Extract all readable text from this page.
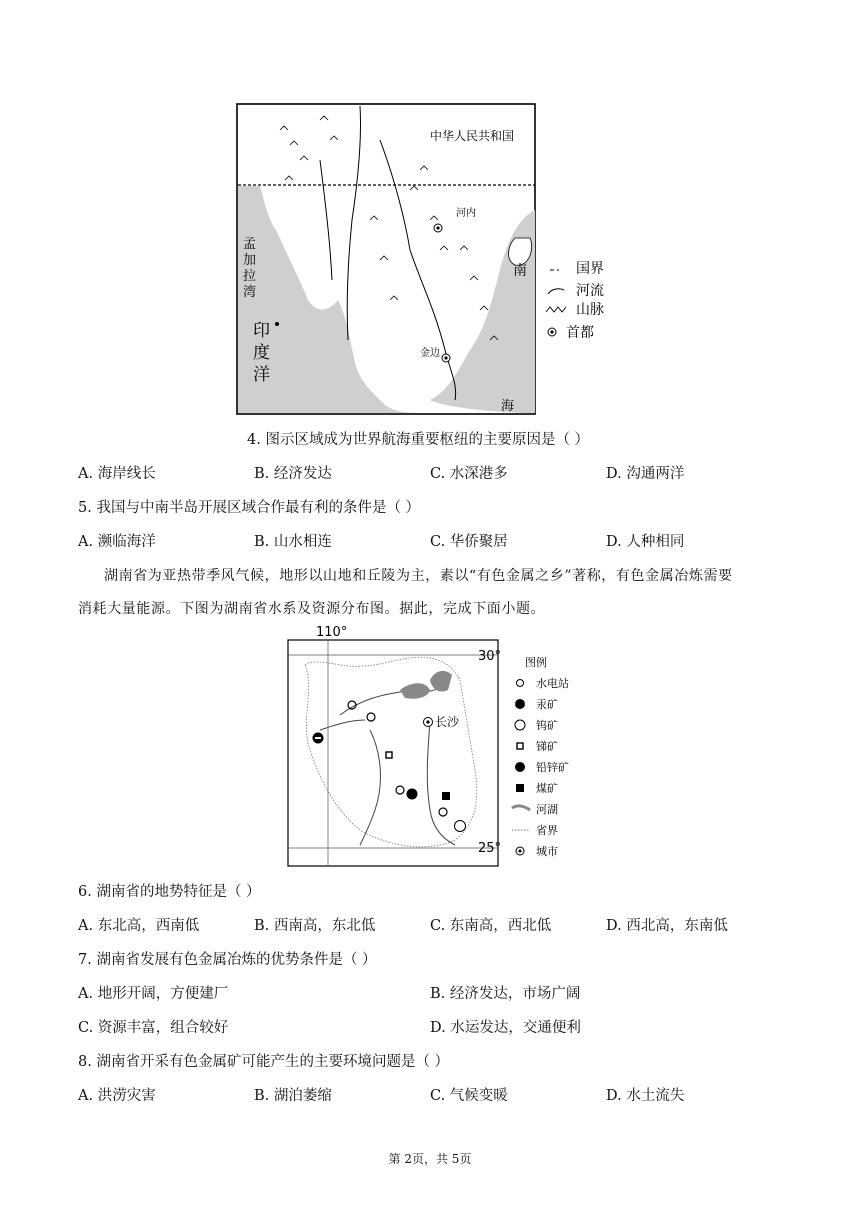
中华人民共和国
河内
金边
南
海
孟加拉湾
印度洋
国界
河流
山脉
首都
4. 图示区域成为世界航海重要枢纽的主要原因是（ ）
A. 海岸线长	B. 经济发达	C. 水深港多	D. 沟通两洋
5. 我国与中南半岛开展区域合作最有利的条件是（ ）
A. 濒临海洋	B. 山水相连	C. 华侨聚居	D. 人种相同
湖南省为亚热带季风气候，地形以山地和丘陵为主，素以“有色金属之乡”著称，有色金属冶炼需要
消耗大量能源。下图为湖南省水系及资源分布图。据此，完成下面小题。
110°
30°
25°
长沙
图例
水电站
汞矿
钨矿
锑矿
铅锌矿
煤矿
河湖
省界
城市
6. 湖南省的地势特征是（ ）
A. 东北高，西南低	B. 西南高，东北低	C. 东南高，西北低	D. 西北高，东南低
7. 湖南省发展有色金属冶炼的优势条件是（ ）
A. 地形开阔，方便建厂	B. 经济发达，市场广阔
C. 资源丰富，组合较好	D. 水运发达，交通便利
8. 湖南省开采有色金属矿可能产生的主要环境问题是（ ）
A. 洪涝灾害	B. 湖泊萎缩	C. 气候变暖	D. 水土流失
第 2页，共 5页
